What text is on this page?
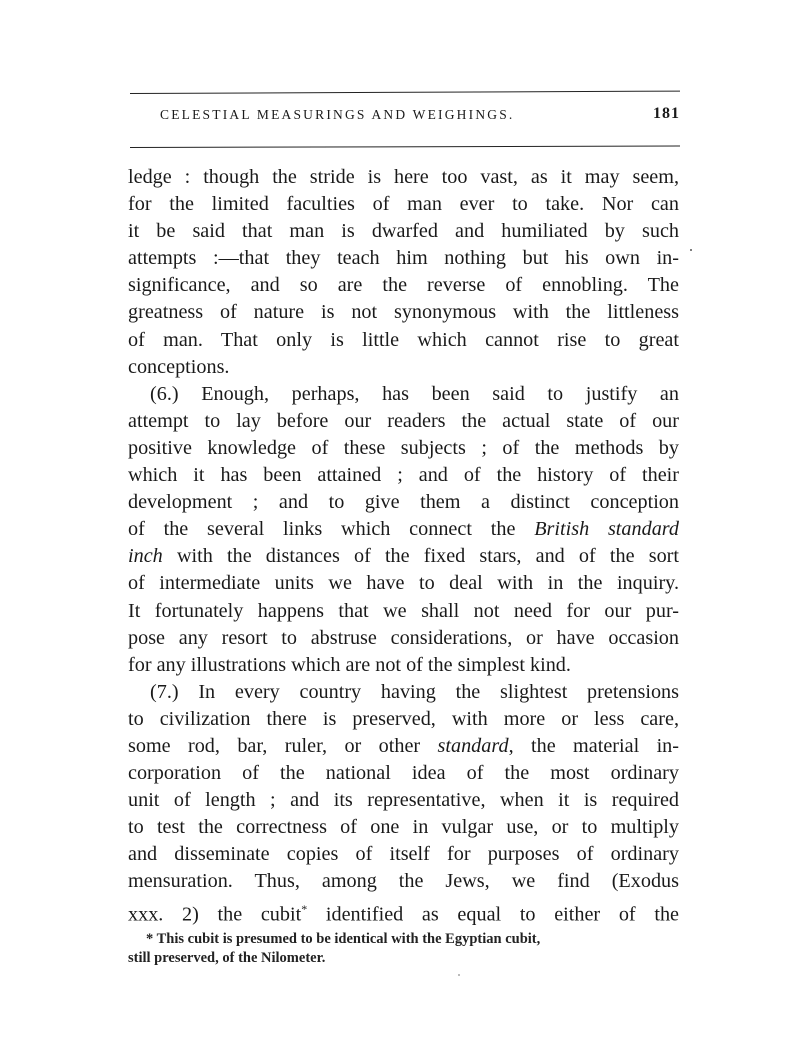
CELESTIAL MEASURINGS AND WEIGHINGS.	181
ledge : though the stride is here too vast, as it may seem,
for the limited faculties of man ever to take. Nor can
it be said that man is dwarfed and humiliated by such
attempts :—that they teach him nothing but his own in-
significance, and so are the reverse of ennobling. The
greatness of nature is not synonymous with the littleness
of man. That only is little which cannot rise to great
conceptions.
(6.) Enough, perhaps, has been said to justify an
attempt to lay before our readers the actual state of our
positive knowledge of these subjects ; of the methods by
which it has been attained ; and of the history of their
development ; and to give them a distinct conception
of the several links which connect the British standard
inch with the distances of the fixed stars, and of the sort
of intermediate units we have to deal with in the inquiry.
It fortunately happens that we shall not need for our pur-
pose any resort to abstruse considerations, or have occasion
for any illustrations which are not of the simplest kind.
(7.) In every country having the slightest pretensions
to civilization there is preserved, with more or less care,
some rod, bar, ruler, or other standard, the material in-
corporation of the national idea of the most ordinary
unit of length ; and its representative, when it is required
to test the correctness of one in vulgar use, or to multiply
and disseminate copies of itself for purposes of ordinary
mensuration. Thus, among the Jews, we find (Exodus
xxx. 2) the cubit* identified as equal to either of the
* This cubit is presumed to be identical with the Egyptian cubit,
still preserved, of the Nilometer.
